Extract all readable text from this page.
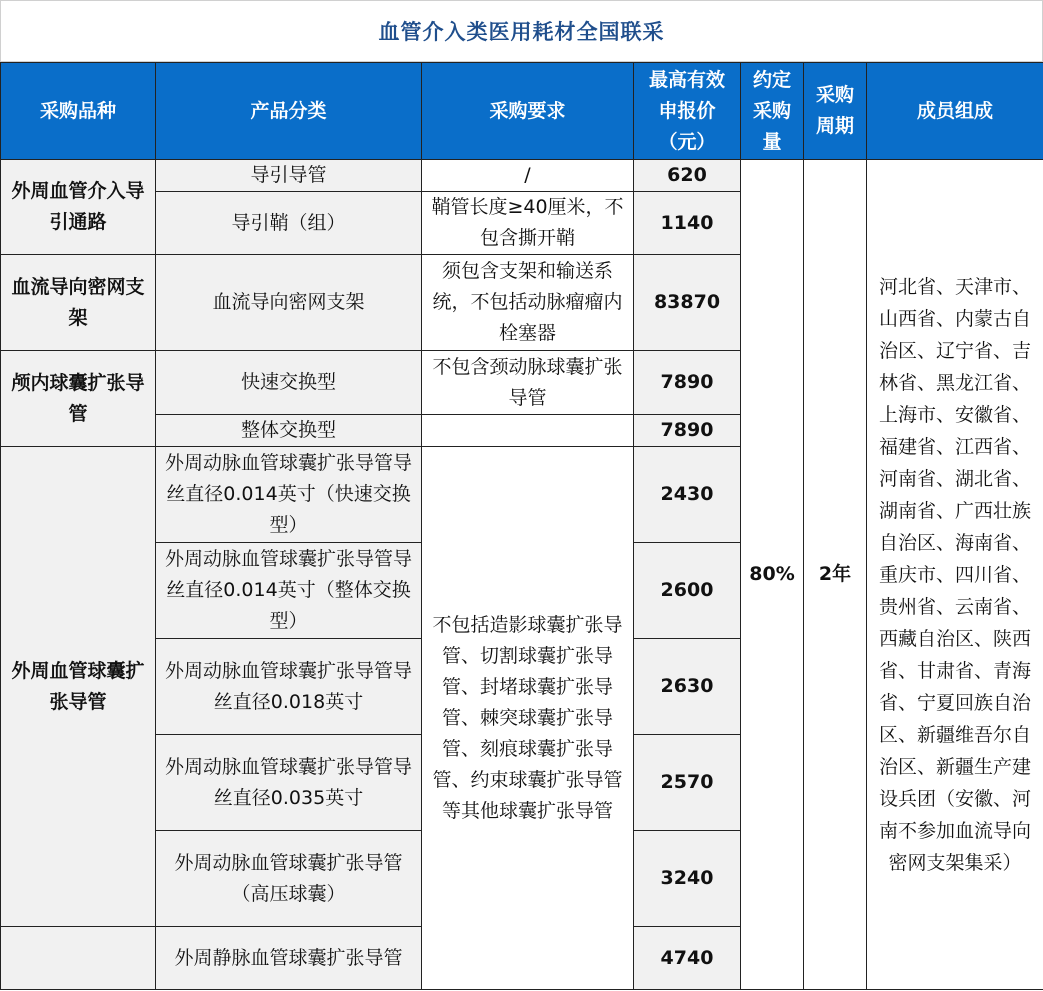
血管介入类医用耗材全国联采
采购品种	产品分类	采购要求	最高有效申报价（元）	约定采购量	采购周期	成员组成
外周血管介入导引通路	导引导管	/	620	80%	2年	河北省、天津市、山西省、内蒙古自治区、辽宁省、吉林省、黑龙江省、上海市、安徽省、福建省、江西省、河南省、湖北省、湖南省、广西壮族自治区、海南省、重庆市、四川省、贵州省、云南省、西藏自治区、陕西省、甘肃省、青海省、宁夏回族自治区、新疆维吾尔自治区、新疆生产建设兵团（安徽、河南不参加血流导向密网支架集采）
	导引鞘（组）	鞘管长度≥40厘米，不包含撕开鞘	1140			
血流导向密网支架	血流导向密网支架	须包含支架和输送系统，不包括动脉瘤瘤内栓塞器	83870			
颅内球囊扩张导管	快速交换型	不包含颈动脉球囊扩张导管	7890			
	整体交换型		7890			
外周血管球囊扩张导管	外周动脉血管球囊扩张导管导丝直径0.014英寸（快速交换型）	不包括造影球囊扩张导管、切割球囊扩张导管、封堵球囊扩张导管、棘突球囊扩张导管、刻痕球囊扩张导管、约束球囊扩张导管等其他球囊扩张导管	2430			
	外周动脉血管球囊扩张导管导丝直径0.014英寸（整体交换型）		2600			
	外周动脉血管球囊扩张导管导丝直径0.018英寸		2630			
	外周动脉血管球囊扩张导管导丝直径0.035英寸		2570			
	外周动脉血管球囊扩张导管（高压球囊）		3240			
	外周静脉血管球囊扩张导管		4740			
